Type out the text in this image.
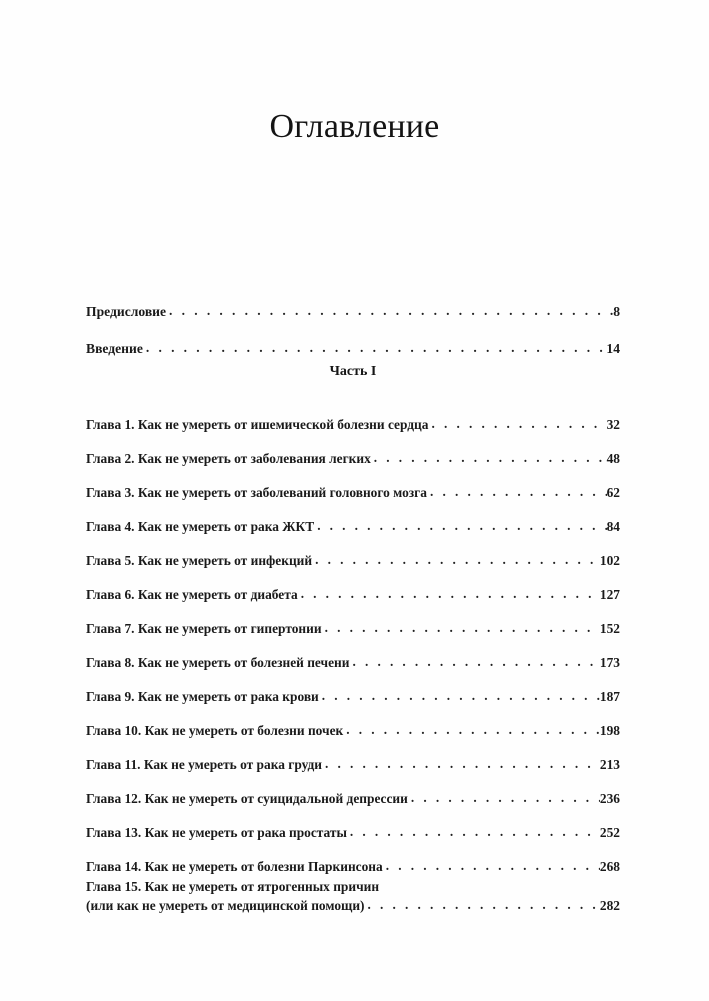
Оглавление
Предисловие . . .	8
Введение . . .	14
Часть I
Глава 1. Как не умереть от ишемической болезни сердца . . .	32
Глава 2. Как не умереть от заболевания легких . . .	48
Глава 3. Как не умереть от заболеваний головного мозга . . .	62
Глава 4. Как не умереть от рака ЖКТ . . .	84
Глава 5. Как не умереть от инфекций . . .	102
Глава 6. Как не умереть от диабета . . .	127
Глава 7. Как не умереть от гипертонии . . .	152
Глава 8. Как не умереть от болезней печени . . .	173
Глава 9. Как не умереть от рака крови . . .	187
Глава 10. Как не умереть от болезни почек . . .	198
Глава 11. Как не умереть от рака груди . . .	213
Глава 12. Как не умереть от суицидальной депрессии . . .	236
Глава 13. Как не умереть от рака простаты . . .	252
Глава 14. Как не умереть от болезни Паркинсона . . .	268
Глава 15. Как не умереть от ятрогенных причин
(или как не умереть от медицинской помощи) . . .	282
